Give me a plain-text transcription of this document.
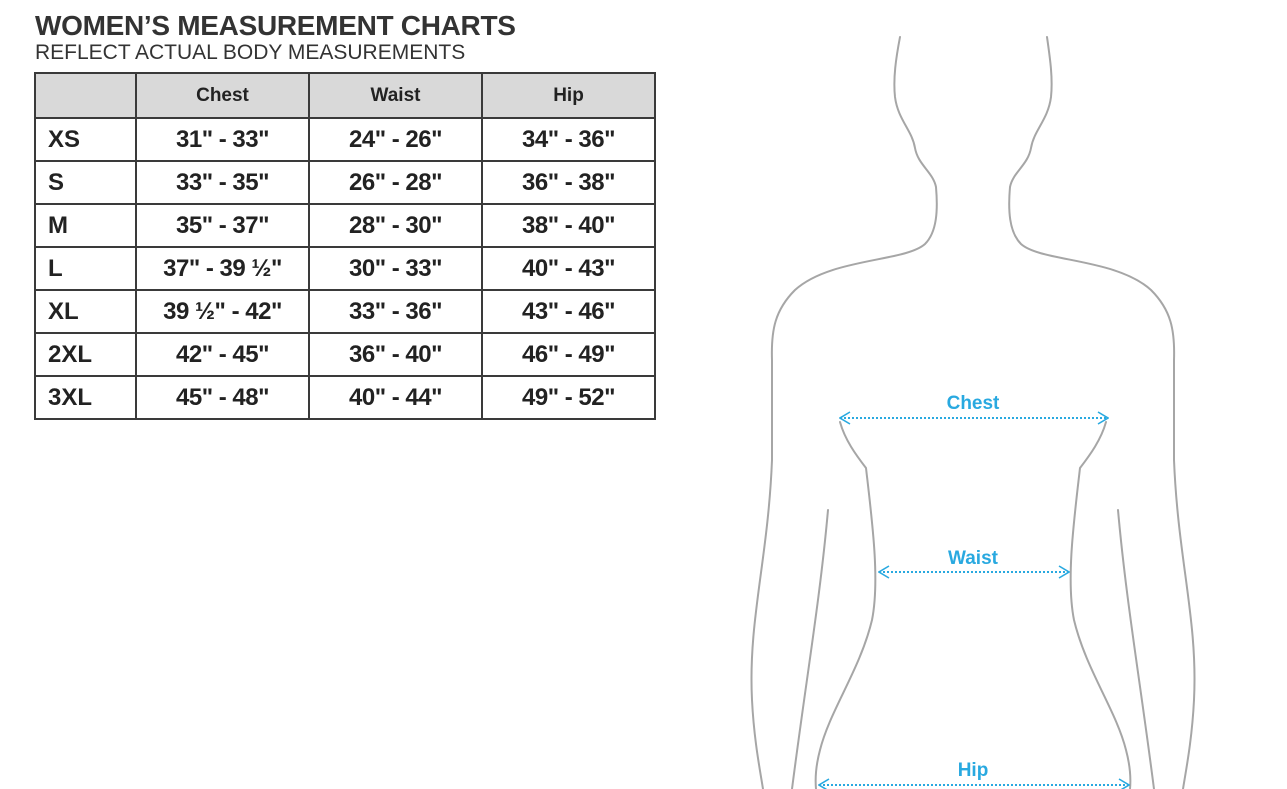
WOMEN’S MEASUREMENT CHARTS

REFLECT ACTUAL BODY MEASUREMENTS

	Chest	Waist	Hip
XS	31" - 33"	24" - 26"	34" - 36"
S	33" - 35"	26" - 28"	36" - 38"
M	35" - 37"	28" - 30"	38" - 40"
L	37" - 39 ½"	30" - 33"	40" - 43"
XL	39 ½" - 42"	33" - 36"	43" - 46"
2XL	42" - 45"	36" - 40"	46" - 49"
3XL	45" - 48"	40" - 44"	49" - 52"	Chest
Waist
Hip
